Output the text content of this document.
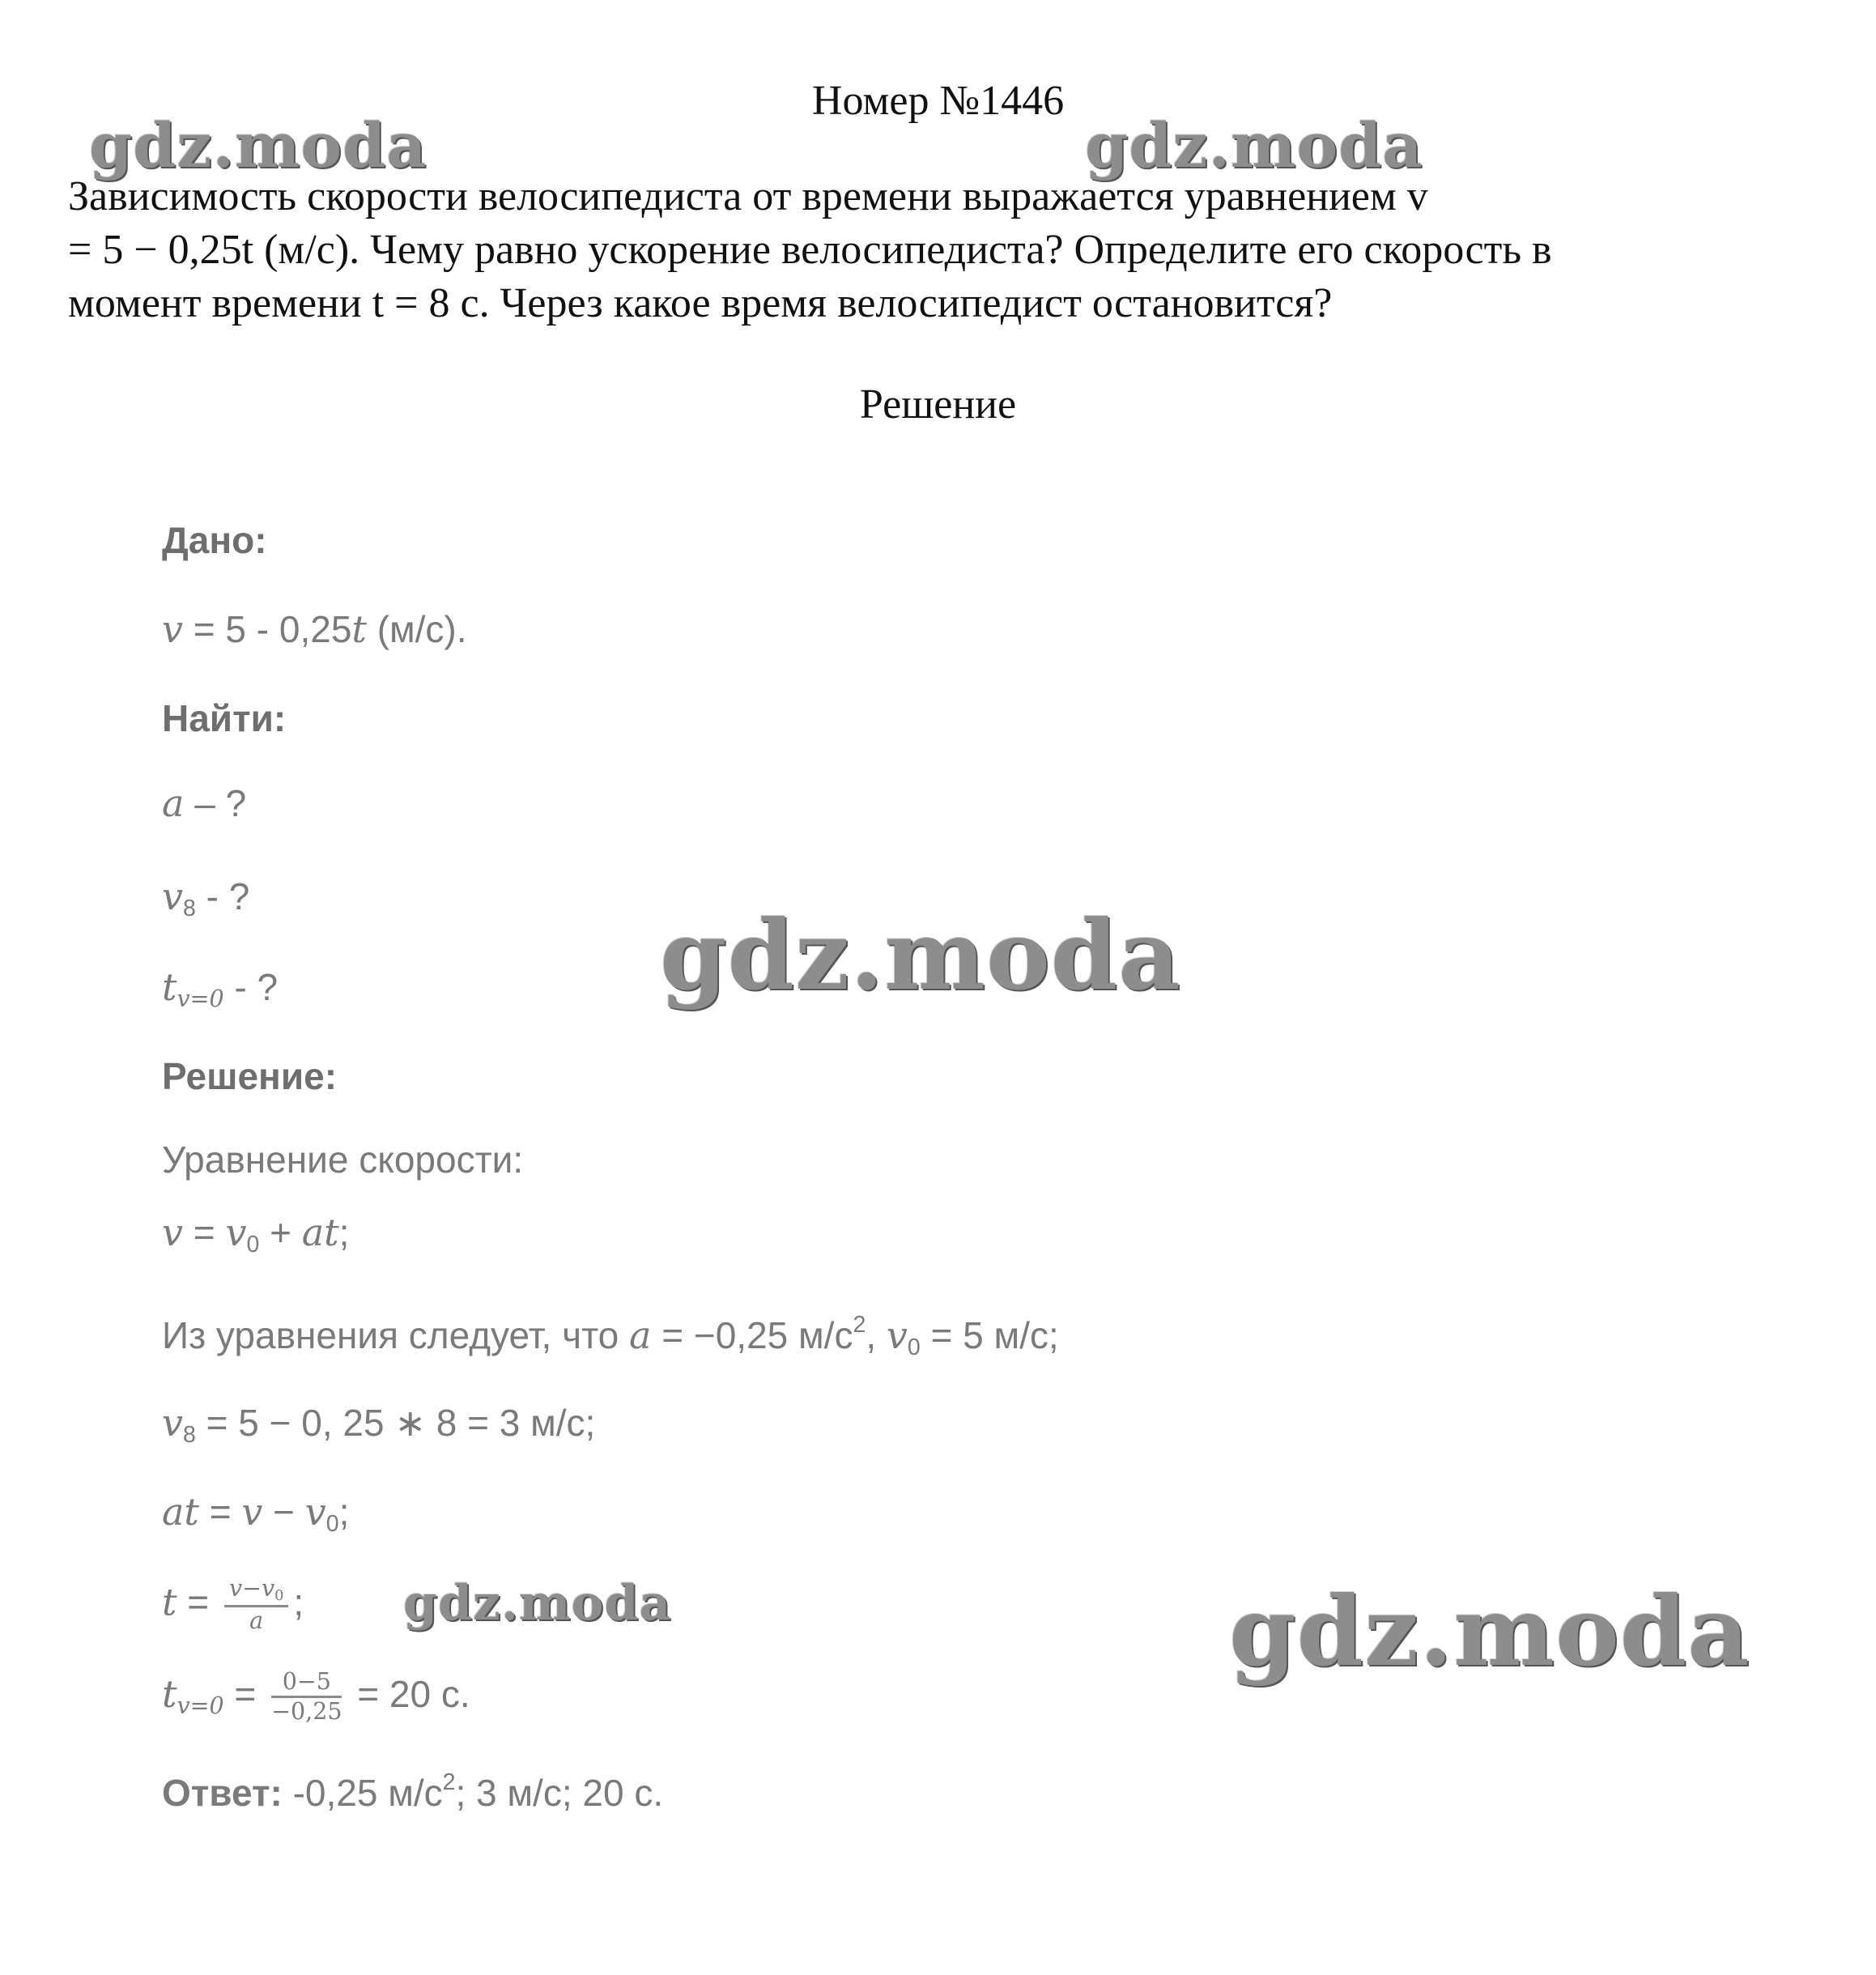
Номер №1446
Зависимость скорости велосипедиста от времени выражается уравнением v
= 5 − 0,25t (м/с). Чему равно ускорение велосипедиста? Определите его скорость в
момент времени t = 8 с. Через какое время велосипедист остановится?
Решение
Дано:
v = 5 - 0,25t (м/с).
Найти:
a – ?
$v_8$ - ?
$t_{v=0}$ - ?
Решение:
Уравнение скорости:
$v = v_0$ + at;
Из уравнения следует, что a = −0,25 $м/с^2$, $v_0 = 5$ м/с;
$v_8 = 5 - 0$, 25 ∗ 8 = 3 м/с;
at = $v - v_0$;
$t = \frac{v-v_0}{a}$ ;
$t_{v=0} = \frac{0-5}{-0,25} = 20$ с.
Ответ: -0,25 $м/с^2$; 3 м/с; 20 с.
gdz.moda	gdz.moda
gdz.moda
gdz.moda	gdz.moda
